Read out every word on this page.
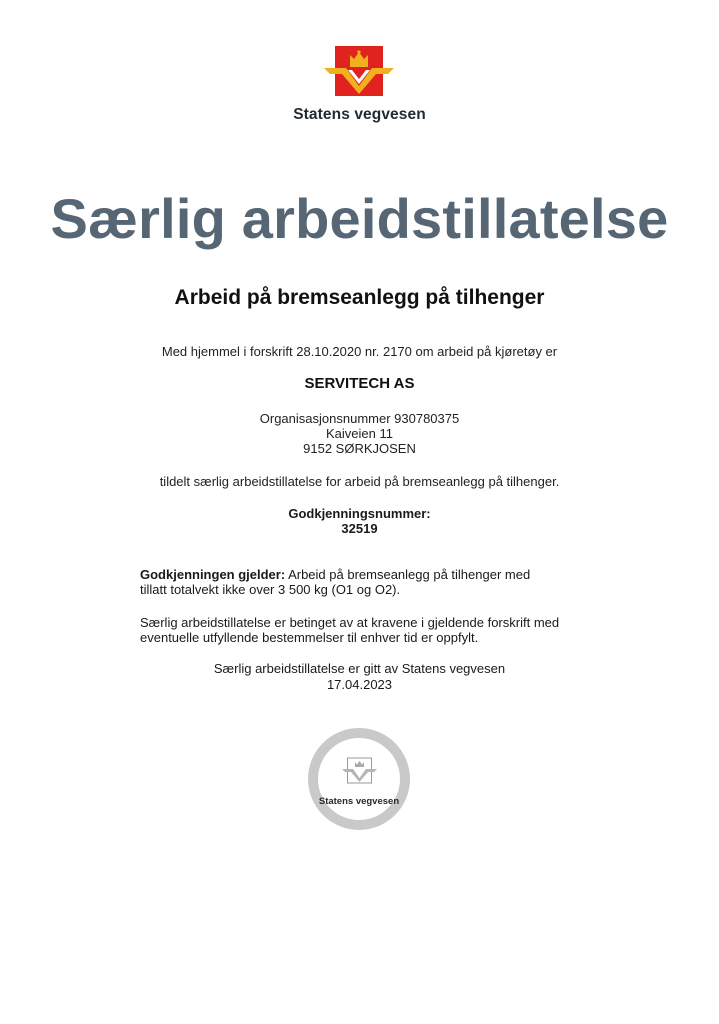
Statens vegvesen
Særlig arbeidstillatelse
Arbeid på bremseanlegg på tilhenger
Med hjemmel i forskrift 28.10.2020 nr. 2170 om arbeid på kjøretøy er
SERVITECH AS
Organisasjonsnummer 930780375
Kaiveien 11
9152 SØRKJOSEN
tildelt særlig arbeidstillatelse for arbeid på bremseanlegg på tilhenger.
Godkjenningsnummer:
32519
Godkjenningen gjelder: Arbeid på bremseanlegg på tilhenger med
tillatt totalvekt ikke over 3 500 kg (O1 og O2).
Særlig arbeidstillatelse er betinget av at kravene i gjeldende forskrift med
eventuelle utfyllende bestemmelser til enhver tid er oppfylt.
Særlig arbeidstillatelse er gitt av Statens vegvesen
17.04.2023
GODKJENT AV
Statens vegvesen
